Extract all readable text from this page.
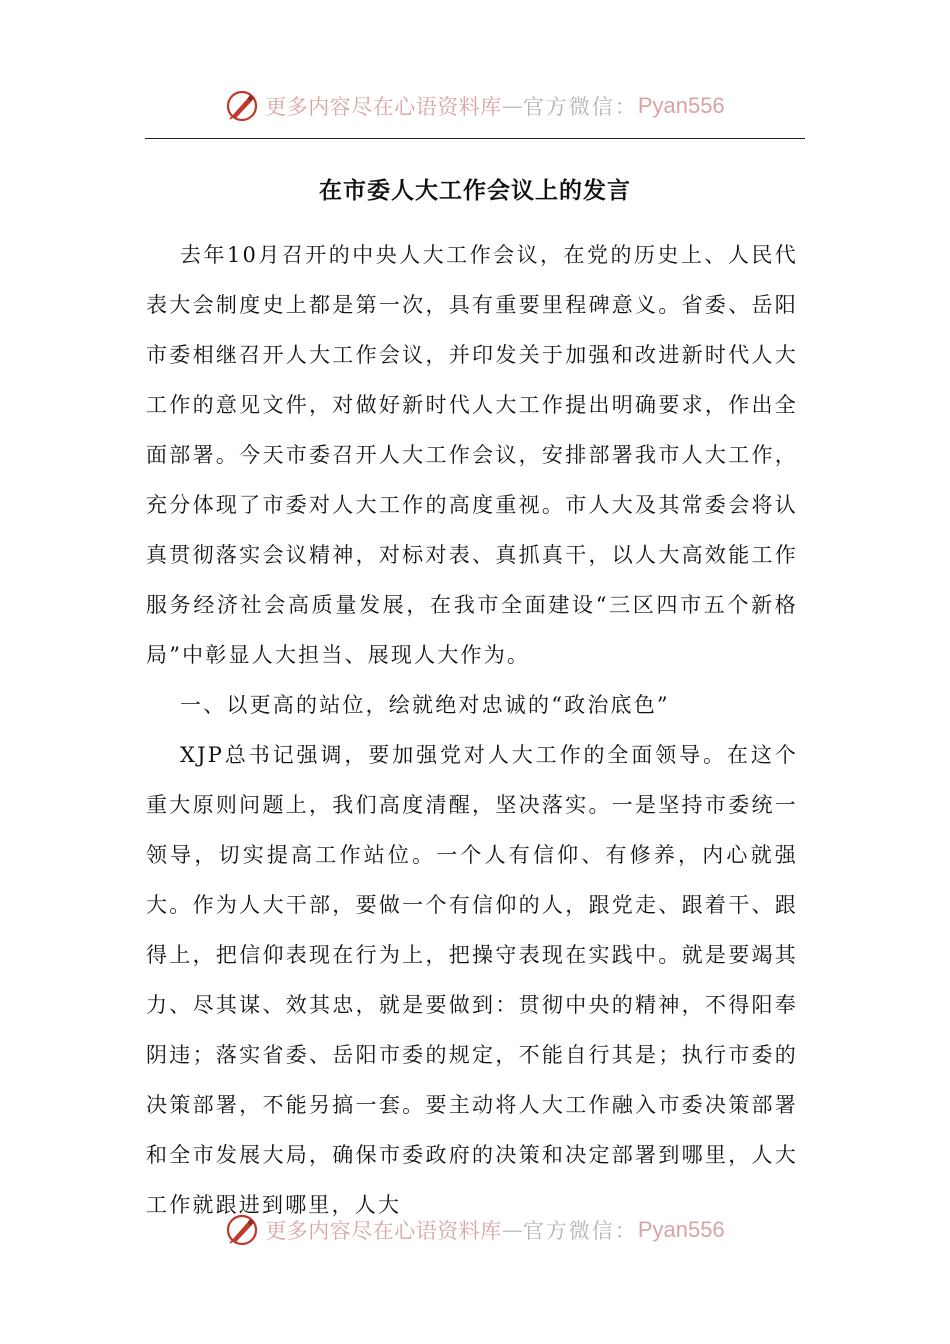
更多内容尽在心语资料库 — 官方微信： Pyan556
在市委人大工作会议上的发言

去年10月召开的中央人大工作会议，在党的历史上、人民代表大会制度史上都是第一次，具有重要里程碑意义。省委、岳阳市委相继召开人大工作会议，并印发关于加强和改进新时代人大工作的意见文件，对做好新时代人大工作提出明确要求，作出全面部署。今天市委召开人大工作会议，安排部署我市人大工作，充分体现了市委对人大工作的高度重视。市人大及其常委会将认真贯彻落实会议精神，对标对表、真抓真干，以人大高效能工作服务经济社会高质量发展，在我市全面建设“三区四市五个新格局”中彰显人大担当、展现人大作为。

一、以更高的站位，绘就绝对忠诚的“政治底色”

XJP总书记强调，要加强党对人大工作的全面领导。在这个重大原则问题上，我们高度清醒，坚决落实。一是坚持市委统一领导，切实提高工作站位。一个人有信仰、有修养，内心就强大。作为人大干部，要做一个有信仰的人，跟党走、跟着干、跟得上，把信仰表现在行为上，把操守表现在实践中。就是要竭其力、尽其谋、效其忠，就是要做到：贯彻中央的精神，不得阳奉阴违；落实省委、岳阳市委的规定，不能自行其是；执行市委的决策部署，不能另搞一套。要主动将人大工作融入市委决策部署和全市发展大局，确保市委政府的决策和决定部署到哪里，人大工作就跟进到哪里，人大

更多内容尽在心语资料库 — 官方微信： Pyan556
